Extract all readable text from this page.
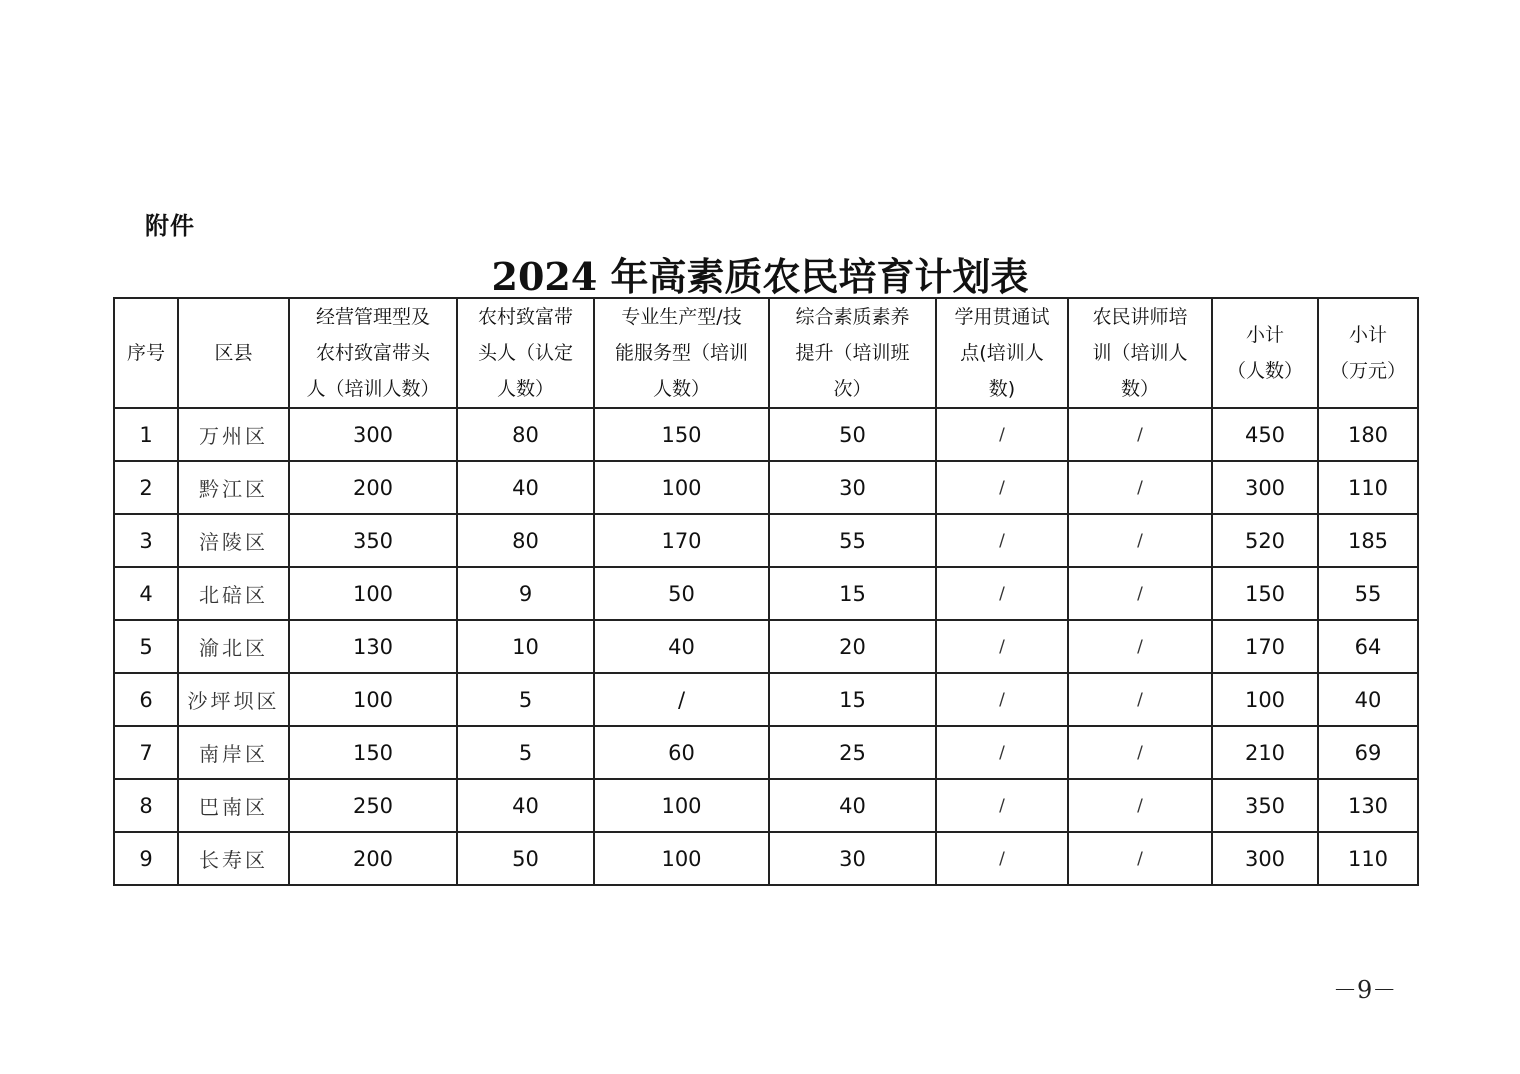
附件
2024 年高素质农民培育计划表
序号	区县	经营管理型及
农村致富带头
人（培训人数）	农村致富带
头人（认定
人数）	专业生产型/技
能服务型（培训
人数）	综合素质素养
提升（培训班
次）	学用贯通试
点(培训人
数)	农民讲师培
训（培训人
数）	小计
（人数）	小计
（万元）

1	万州区	300	80	150	50	/	/	450	180
2	黔江区	200	40	100	30	/	/	300	110
3	涪陵区	350	80	170	55	/	/	520	185
4	北碚区	100	9	50	15	/	/	150	55
5	渝北区	130	10	40	20	/	/	170	64
6	沙坪坝区	100	5	/	15	/	/	100	40
7	南岸区	150	5	60	25	/	/	210	69
8	巴南区	250	40	100	40	/	/	350	130
9	长寿区	200	50	100	30	/	/	300	110
－9－
